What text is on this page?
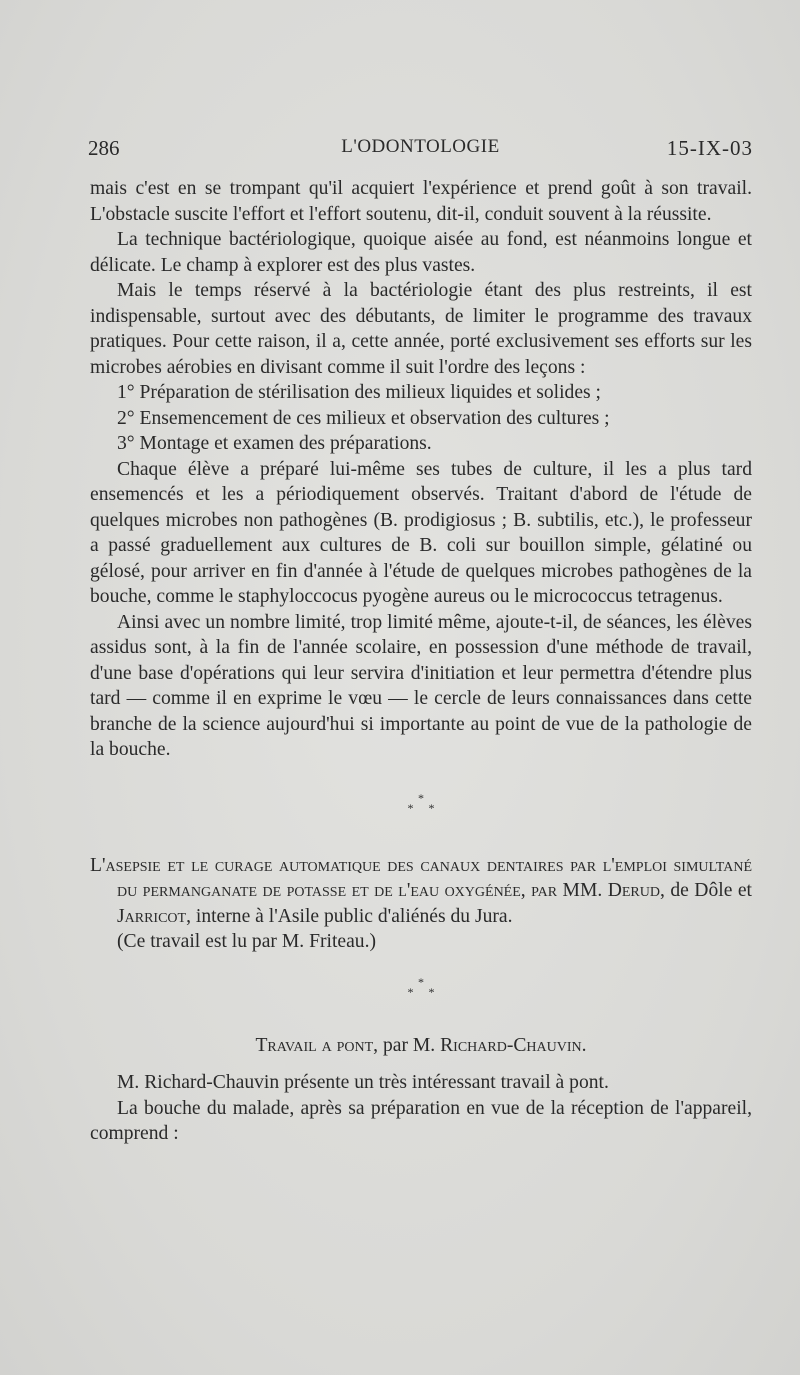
286	L'ODONTOLOGIE	15-IX-03

mais c'est en se trompant qu'il acquiert l'expérience et prend goût à son travail. L'obstacle suscite l'effort et l'effort soutenu, dit-il, conduit souvent à la réussite.

La technique bactériologique, quoique aisée au fond, est néanmoins longue et délicate. Le champ à explorer est des plus vastes.

Mais le temps réservé à la bactériologie étant des plus restreints, il est indispensable, surtout avec des débutants, de limiter le programme des travaux pratiques. Pour cette raison, il a, cette année, porté exclusivement ses efforts sur les microbes aérobies en divisant comme il suit l'ordre des leçons :

1° Préparation de stérilisation des milieux liquides et solides ;

2° Ensemencement de ces milieux et observation des cultures ;

3° Montage et examen des préparations.

Chaque élève a préparé lui-même ses tubes de culture, il les a plus tard ensemencés et les a périodiquement observés. Traitant d'abord de l'étude de quelques microbes non pathogènes (B. prodigiosus ; B. subtilis, etc.), le professeur a passé graduellement aux cultures de B. coli sur bouillon simple, gélatiné ou gélosé, pour arriver en fin d'année à l'étude de quelques microbes pathogènes de la bouche, comme le staphyloccocus pyogène aureus ou le micrococcus tetragenus.

Ainsi avec un nombre limité, trop limité même, ajoute-t-il, de séances, les élèves assidus sont, à la fin de l'année scolaire, en possession d'une méthode de travail, d'une base d'opérations qui leur servira d'initiation et leur permettra d'étendre plus tard — comme il en exprime le vœu — le cercle de leurs connaissances dans cette branche de la science aujourd'hui si importante au point de vue de la pathologie de la bouche.

*
* *

L'asepsie et le curage automatique des canaux dentaires par l'emploi simultané du permanganate de potasse et de l'eau oxygénée, par MM. Derud, de Dôle et Jarricot, interne à l'Asile public d'aliénés du Jura.

(Ce travail est lu par M. Friteau.)

*
* *

Travail a pont, par M. Richard-Chauvin.

M. Richard-Chauvin présente un très intéressant travail à pont.

La bouche du malade, après sa préparation en vue de la réception de l'appareil, comprend :
